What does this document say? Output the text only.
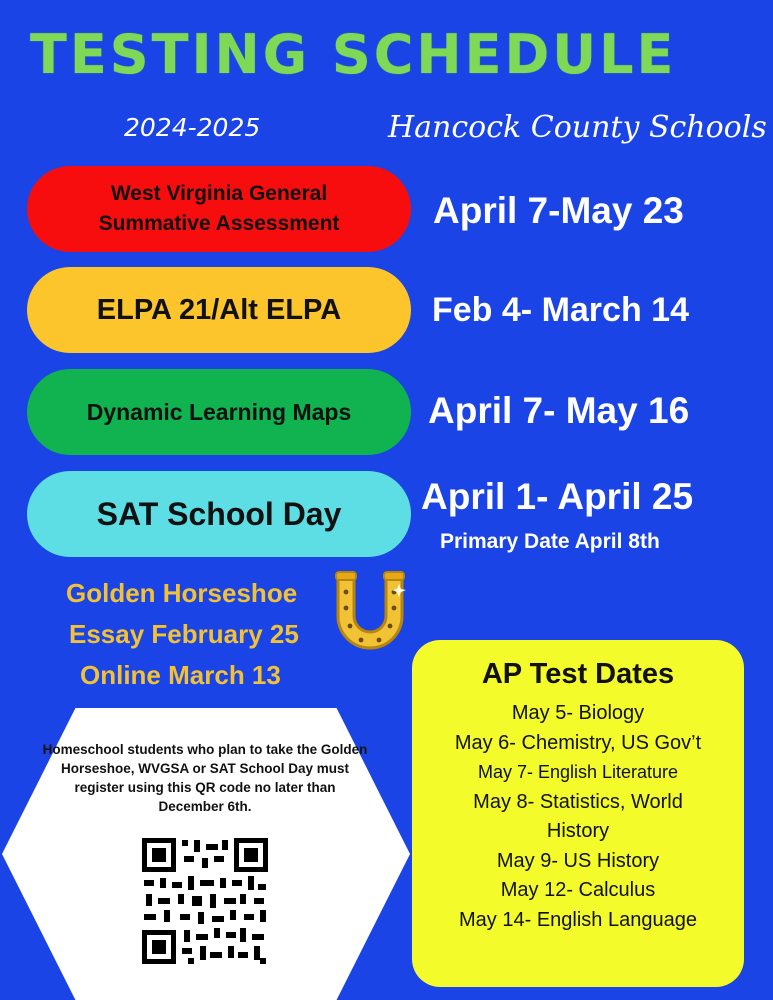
TESTING SCHEDULE
2024-2025	Hancock County Schools
West Virginia General
Summative Assessment	April 7-May 23
ELPA 21/Alt ELPA	Feb 4- March 14
Dynamic Learning Maps April 7- May 16
SAT School Day April 1- April 25
Primary Date April 8th
Golden Horseshoe
Essay February 25
Online March 13
Homeschool students who plan to take the Golden Horseshoe, WVGSA or SAT School Day must register using this QR code no later than December 6th.
AP Test Dates
May 5- Biology
May 6- Chemistry, US Gov’t
May 7- English Literature
May 8- Statistics, World History
May 9- US History
May 12- Calculus
May 14- English Language
